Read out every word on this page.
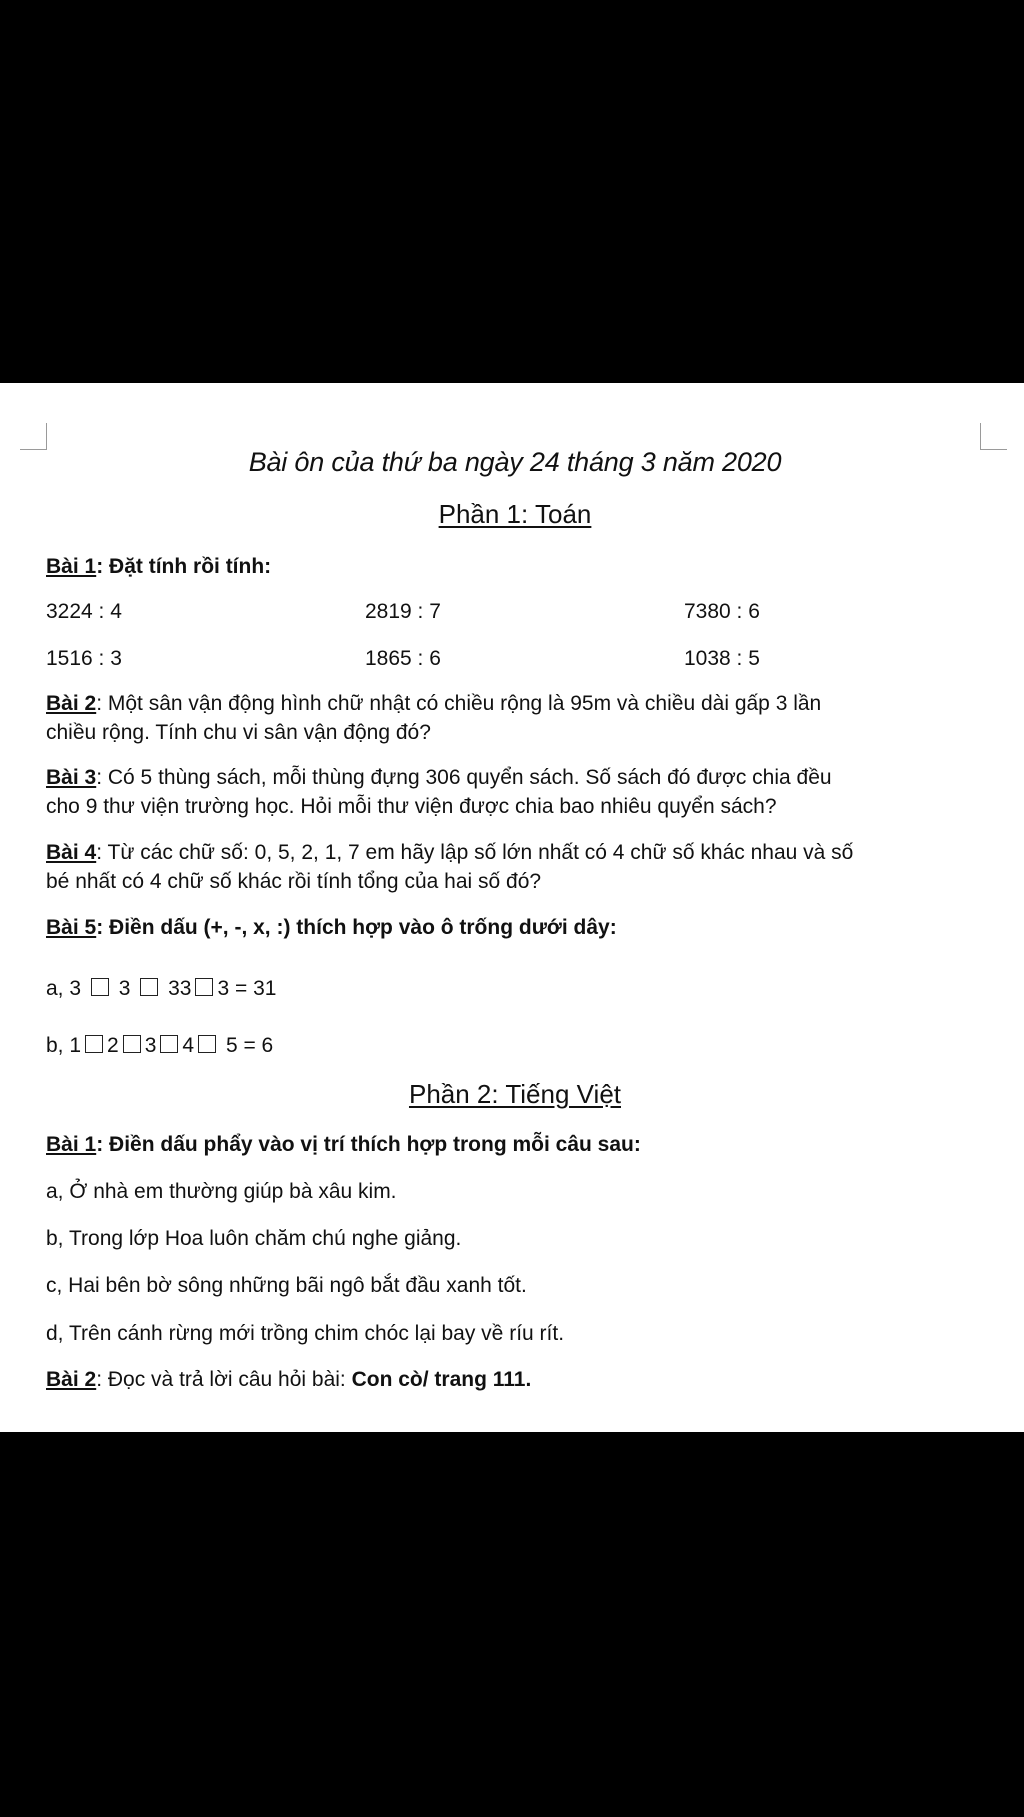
Bài ôn của thứ ba ngày 24 tháng 3 năm 2020
Phần 1: Toán
Bài 1: Đặt tính rồi tính:
3224 : 4	2819 : 7	7380 : 6
1516 : 3	1865 : 6	1038 : 5
Bài 2: Một sân vận động hình chữ nhật có chiều rộng là 95m và chiều dài gấp 3 lần
chiều rộng. Tính chu vi sân vận động đó?
Bài 3: Có 5 thùng sách, mỗi thùng đựng 306 quyển sách. Số sách đó được chia đều
cho 9 thư viện trường học. Hỏi mỗi thư viện được chia bao nhiêu quyển sách?
Bài 4: Từ các chữ số: 0, 5, 2, 1, 7 em hãy lập số lớn nhất có 4 chữ số khác nhau và số
bé nhất có 4 chữ số khác rồi tính tổng của hai số đó?
Bài 5: Điền dấu (+, -, x, :) thích hợp vào ô trống dưới dây:
a, 3 3 33 3 = 31
b, 1 2 3 4 5 = 6
Phần 2: Tiếng Việt
Bài 1: Điền dấu phẩy vào vị trí thích hợp trong mỗi câu sau:
a, Ở nhà em thường giúp bà xâu kim.
b, Trong lớp Hoa luôn chăm chú nghe giảng.
c, Hai bên bờ sông những bãi ngô bắt đầu xanh tốt.
d, Trên cánh rừng mới trồng chim chóc lại bay về ríu rít.
Bài 2: Đọc và trả lời câu hỏi bài: Con cò/ trang 111.
